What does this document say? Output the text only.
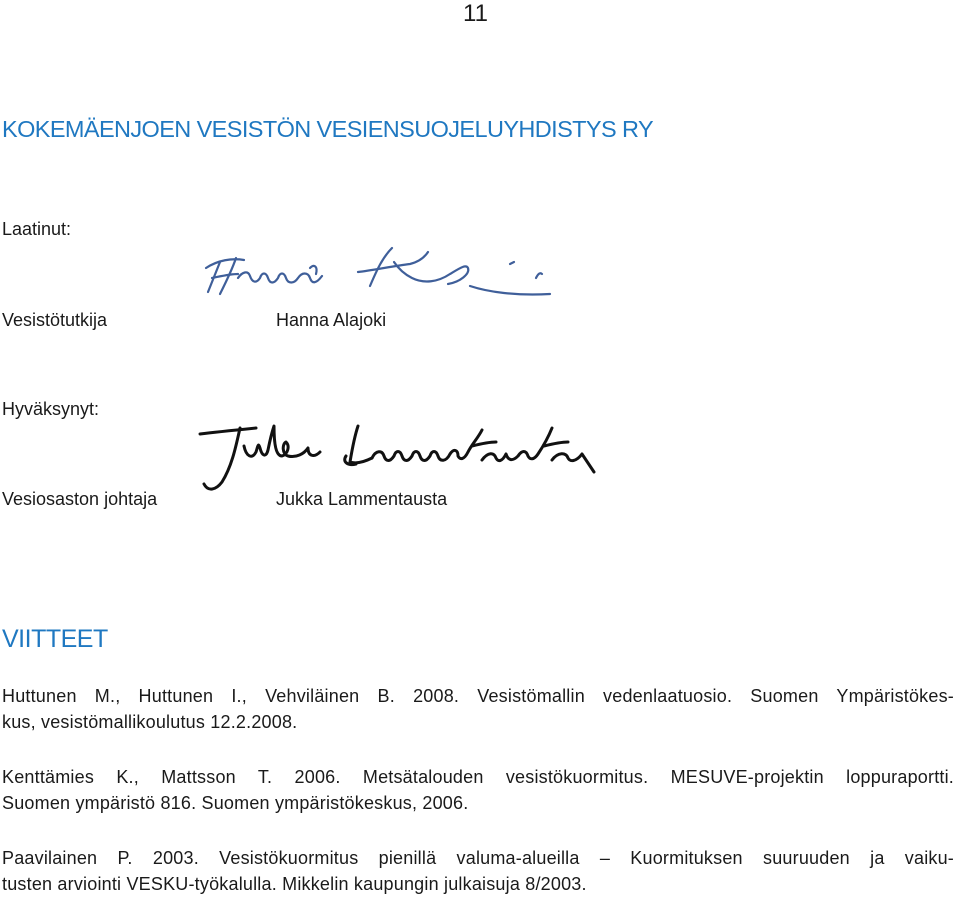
11
KOKEMÄENJOEN VESISTÖN VESIENSUOJELUYHDISTYS RY
Laatinut:
Vesistötutkija	Hanna Alajoki
Hyväksynyt:
Vesiosaston johtaja	Jukka Lammentausta
VIITTEET
Huttunen M., Huttunen I., Vehviläinen B. 2008. Vesistömallin vedenlaatuosio. Suomen Ympäristökes-
kus, vesistömallikoulutus 12.2.2008.
Kenttämies K., Mattsson T. 2006. Metsätalouden vesistökuormitus. MESUVE-projektin loppuraportti.
Suomen ympäristö 816. Suomen ympäristökeskus, 2006.
Paavilainen P. 2003. Vesistökuormitus pienillä valuma-alueilla – Kuormituksen suuruuden ja vaiku-
tusten arviointi VESKU-työkalulla. Mikkelin kaupungin julkaisuja 8/2003.
